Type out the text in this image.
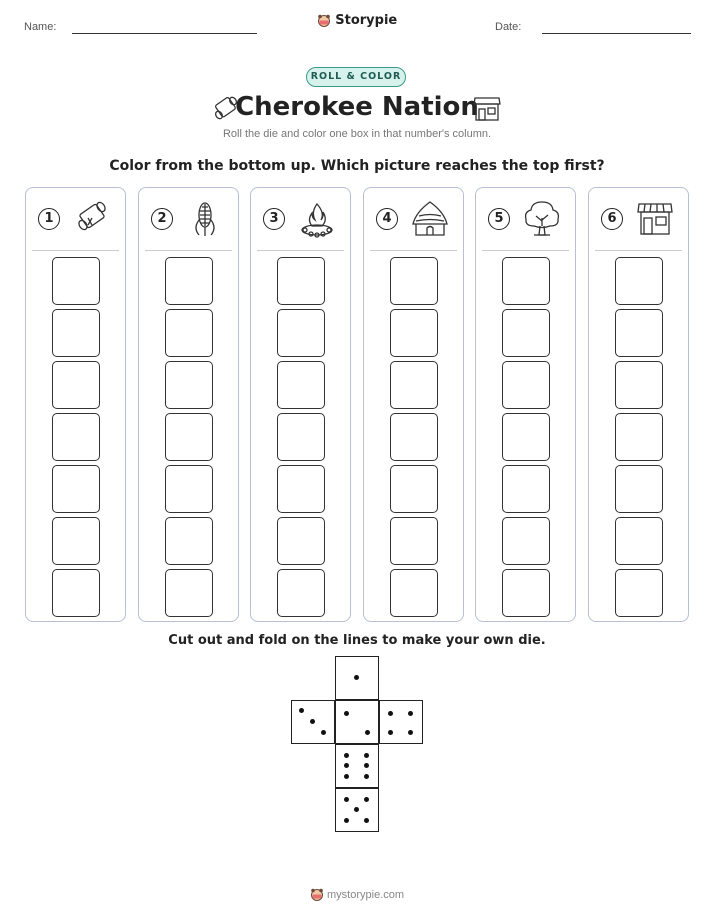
Name:	Storypie	Date:
ROLL & COLOR
Cherokee Nation
Roll the die and color one box in that number's column.
Color from the bottom up. Which picture reaches the top first?
1	2	3	4	5	6
Cut out and fold on the lines to make your own die.
mystorypie.com
